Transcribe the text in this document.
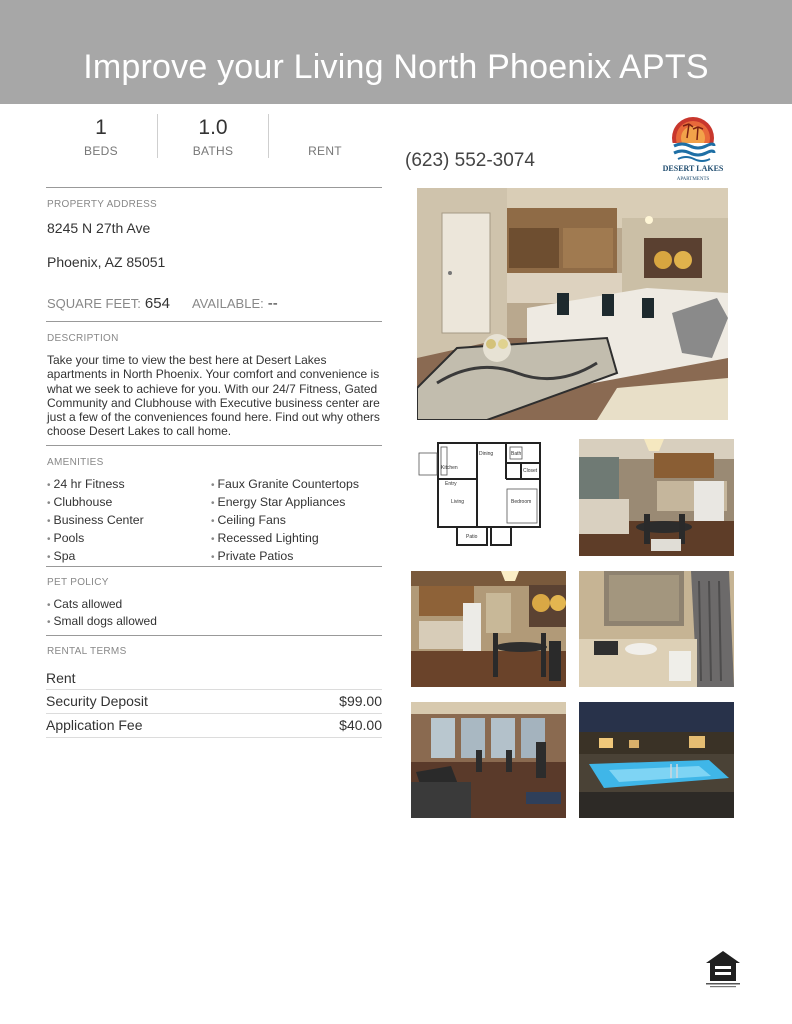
Improve your Living North Phoenix APTS
1
BEDS
1.0
BATHS	RENT	(623) 552-3074	DESERT LAKES
APARTMENTS
PROPERTY ADDRESS
8245 N 27th Ave
Phoenix, AZ 85051
SQUARE FEET: 654 AVAILABLE: --
DESCRIPTION
Take your time to view the best here at Desert Lakes apartments in North Phoenix. Your comfort and convenience is what we seek to achieve for you. With our 24/7 Fitness, Gated Community and Clubhouse with Executive business center are just a few of the conveniences found here. Find out why others choose Desert Lakes to call home.
AMENITIES
• 24 hr Fitness
• Clubhouse
• Business Center
• Pools
• Spa
• Faux Granite Countertops
• Energy Star Appliances
• Ceiling Fans
• Recessed Lighting
• Private Patios
PET POLICY
• Cats allowed
• Small dogs allowed
RENTAL TERMS
Rent
Security Deposit	$99.00
Application Fee	$40.00
Dining
Kitchen
Bath
Closet
Entry
Living	Bedroom
Patio
